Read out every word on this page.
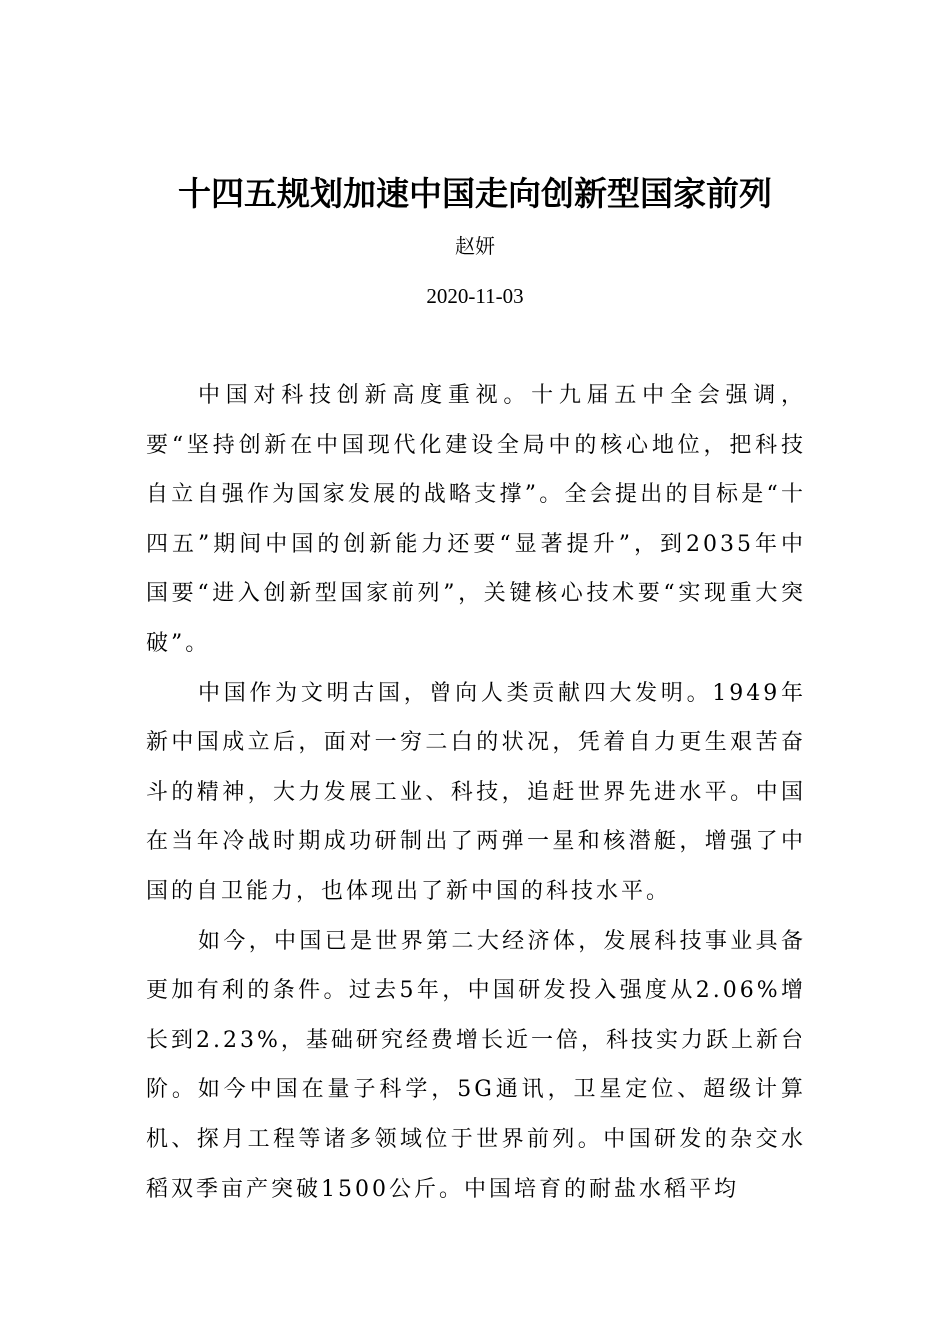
十四五规划加速中国走向创新型国家前列
赵妍
2020-11-03

中国对科技创新高度重视。十九届五中全会强调，要“坚持创新在中国现代化建设全局中的核心地位，把科技自立自强作为国家发展的战略支撑”。全会提出的目标是“十四五”期间中国的创新能力还要“显著提升”，到2035年中国要“进入创新型国家前列”，关键核心技术要“实现重大突破”。

中国作为文明古国，曾向人类贡献四大发明。1949年新中国成立后，面对一穷二白的状况，凭着自力更生艰苦奋斗的精神，大力发展工业、科技，追赶世界先进水平。中国在当年冷战时期成功研制出了两弹一星和核潜艇，增强了中国的自卫能力，也体现出了新中国的科技水平。

如今，中国已是世界第二大经济体，发展科技事业具备更加有利的条件。过去5年，中国研发投入强度从2.06%增长到2.23%，基础研究经费增长近一倍，科技实力跃上新台阶。如今中国在量子科学，5G通讯，卫星定位、超级计算机、探月工程等诸多领域位于世界前列。中国研发的杂交水稻双季亩产突破1500公斤。中国培育的耐盐水稻平均
